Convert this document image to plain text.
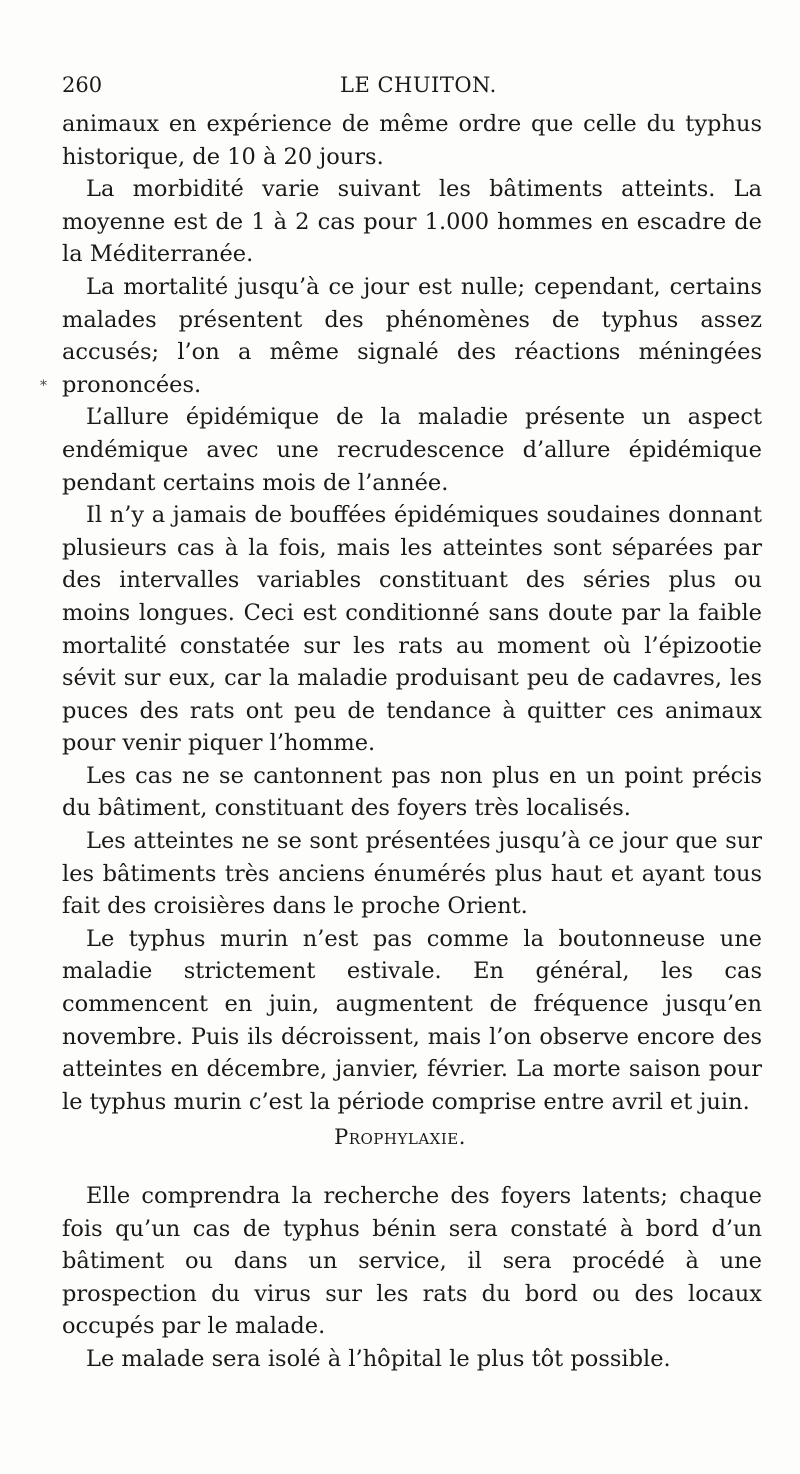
260	LE CHUITON.
*

animaux en expérience de même ordre que celle du typhus historique, de 10 à 20 jours.

La morbidité varie suivant les bâtiments atteints. La moyenne est de 1 à 2 cas pour 1.000 hommes en escadre de la Méditerranée.

La mortalité jusqu’à ce jour est nulle; cependant, certains malades présentent des phénomènes de typhus assez accusés; l’on a même signalé des réactions méningées prononcées.

L’allure épidémique de la maladie présente un aspect endémique avec une recrudescence d’allure épidémique pendant certains mois de l’année.

Il n’y a jamais de bouffées épidémiques soudaines donnant plusieurs cas à la fois, mais les atteintes sont séparées par des intervalles variables constituant des séries plus ou moins longues. Ceci est conditionné sans doute par la faible mortalité constatée sur les rats au moment où l’épizootie sévit sur eux, car la maladie produisant peu de cadavres, les puces des rats ont peu de tendance à quitter ces animaux pour venir piquer l’homme.

Les cas ne se cantonnent pas non plus en un point précis du bâtiment, constituant des foyers très localisés.

Les atteintes ne se sont présentées jusqu’à ce jour que sur les bâtiments très anciens énumérés plus haut et ayant tous fait des croisières dans le proche Orient.

Le typhus murin n’est pas comme la boutonneuse une maladie strictement estivale. En général, les cas commencent en juin, augmentent de fréquence jusqu’en novembre. Puis ils décroissent, mais l’on observe encore des atteintes en décembre, janvier, février. La morte saison pour le typhus murin c’est la période comprise entre avril et juin.

Prophylaxie.

Elle comprendra la recherche des foyers latents; chaque fois qu’un cas de typhus bénin sera constaté à bord d’un bâtiment ou dans un service, il sera procédé à une prospection du virus sur les rats du bord ou des locaux occupés par le malade.

Le malade sera isolé à l’hôpital le plus tôt possible.
